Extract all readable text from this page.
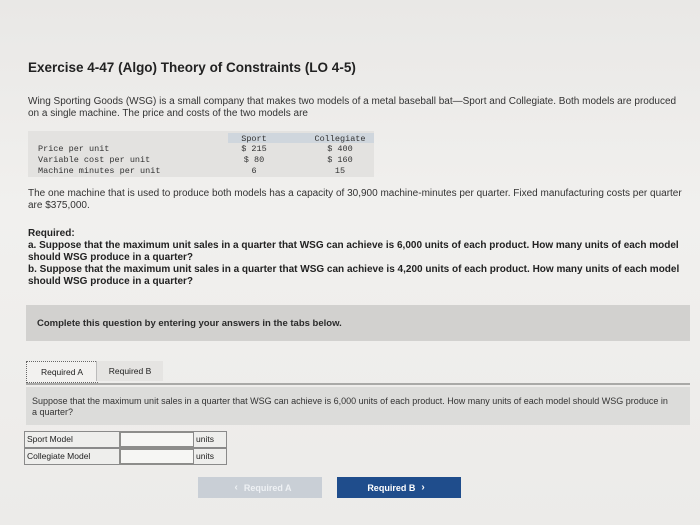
Exercise 4-47 (Algo) Theory of Constraints (LO 4-5)
Wing Sporting Goods (WSG) is a small company that makes two models of a metal baseball bat—Sport and Collegiate. Both models are produced on a single machine. The price and costs of the two models are
Sport	Collegiate
Price per unit	$ 215	$ 400
Variable cost per unit	$ 80	$ 160
Machine minutes per unit	6	15
The one machine that is used to produce both models has a capacity of 30,900 machine-minutes per quarter. Fixed manufacturing costs per quarter are $375,000.
Required:
a. Suppose that the maximum unit sales in a quarter that WSG can achieve is 6,000 units of each product. How many units of each model should WSG produce in a quarter?
b. Suppose that the maximum unit sales in a quarter that WSG can achieve is 4,200 units of each product. How many units of each model should WSG produce in a quarter?
Complete this question by entering your answers in the tabs below.
Required A	Required B
Suppose that the maximum unit sales in a quarter that WSG can achieve is 6,000 units of each product. How many units of each model should WSG produce in a quarter?
Sport Model	units
Collegiate Model	units
‹ Required A	Required B ›
